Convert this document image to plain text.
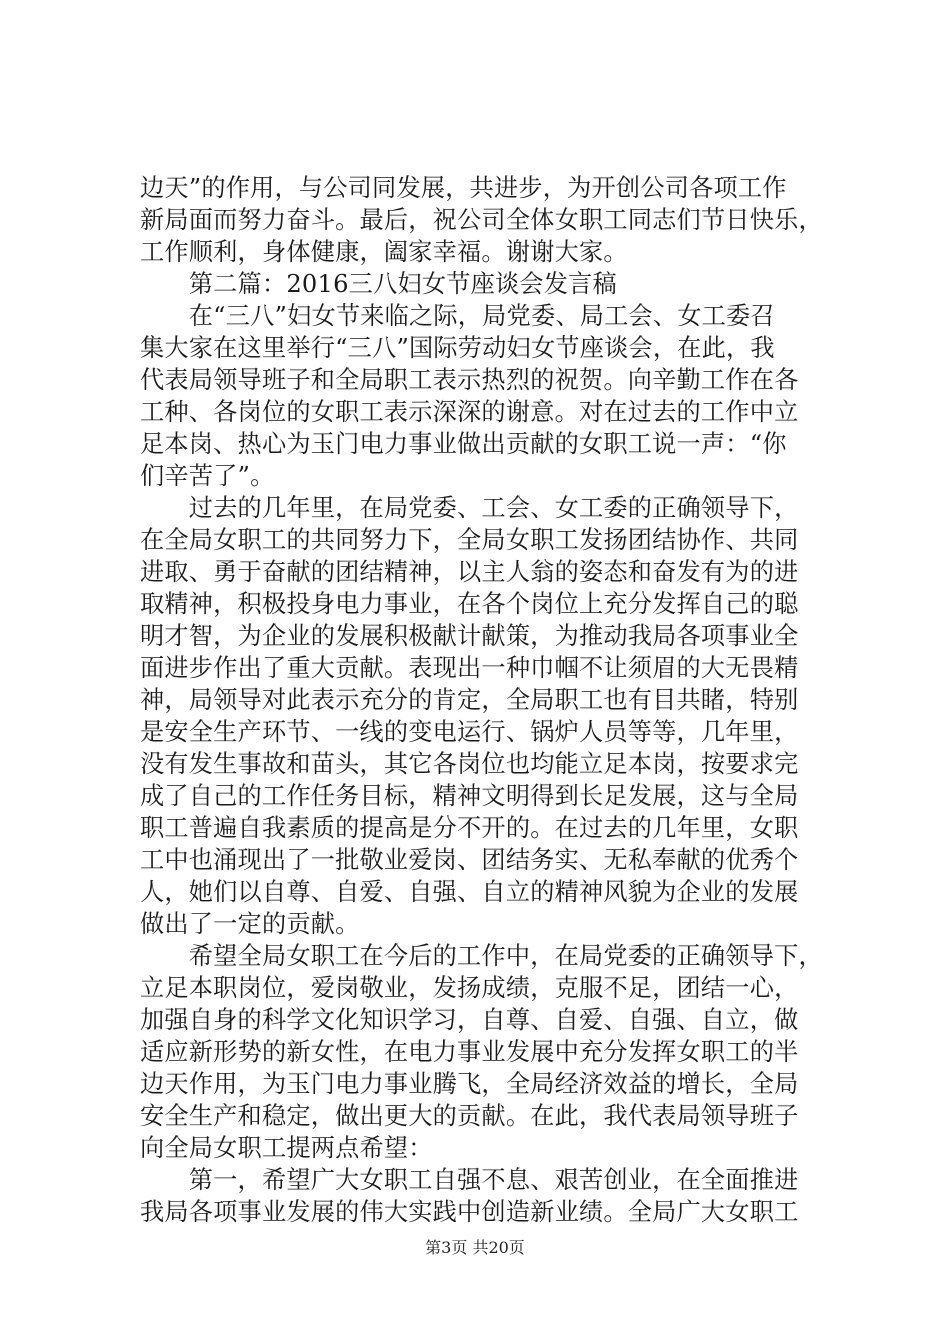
边天”的作用，与公司同发展，共进步，为开创公司各项工作
新局面而努力奋斗。最后，祝公司全体女职工同志们节日快乐，
工作顺利，身体健康，阖家幸福。谢谢大家。
　　第二篇：2016三八妇女节座谈会发言稿
　　在“三八”妇女节来临之际，局党委、局工会、女工委召
集大家在这里举行“三八”国际劳动妇女节座谈会，在此，我
代表局领导班子和全局职工表示热烈的祝贺。向辛勤工作在各
工种、各岗位的女职工表示深深的谢意。对在过去的工作中立
足本岗、热心为玉门电力事业做出贡献的女职工说一声：“你
们辛苦了”。
　　过去的几年里，在局党委、工会、女工委的正确领导下，
在全局女职工的共同努力下，全局女职工发扬团结协作、共同
进取、勇于奋献的团结精神，以主人翁的姿态和奋发有为的进
取精神，积极投身电力事业，在各个岗位上充分发挥自己的聪
明才智，为企业的发展积极献计献策，为推动我局各项事业全
面进步作出了重大贡献。表现出一种巾帼不让须眉的大无畏精
神，局领导对此表示充分的肯定，全局职工也有目共睹，特别
是安全生产环节、一线的变电运行、锅炉人员等等，几年里，
没有发生事故和苗头，其它各岗位也均能立足本岗，按要求完
成了自己的工作任务目标，精神文明得到长足发展，这与全局
职工普遍自我素质的提高是分不开的。在过去的几年里，女职
工中也涌现出了一批敬业爱岗、团结务实、无私奉献的优秀个
人，她们以自尊、自爱、自强、自立的精神风貌为企业的发展
做出了一定的贡献。
　　希望全局女职工在今后的工作中，在局党委的正确领导下，
立足本职岗位，爱岗敬业，发扬成绩，克服不足，团结一心，
加强自身的科学文化知识学习，自尊、自爱、自强、自立，做
适应新形势的新女性，在电力事业发展中充分发挥女职工的半
边天作用，为玉门电力事业腾飞，全局经济效益的增长，全局
安全生产和稳定，做出更大的贡献。在此，我代表局领导班子
向全局女职工提两点希望：
　　第一，希望广大女职工自强不息、艰苦创业，在全面推进
我局各项事业发展的伟大实践中创造新业绩。全局广大女职工
第3页 共20页
